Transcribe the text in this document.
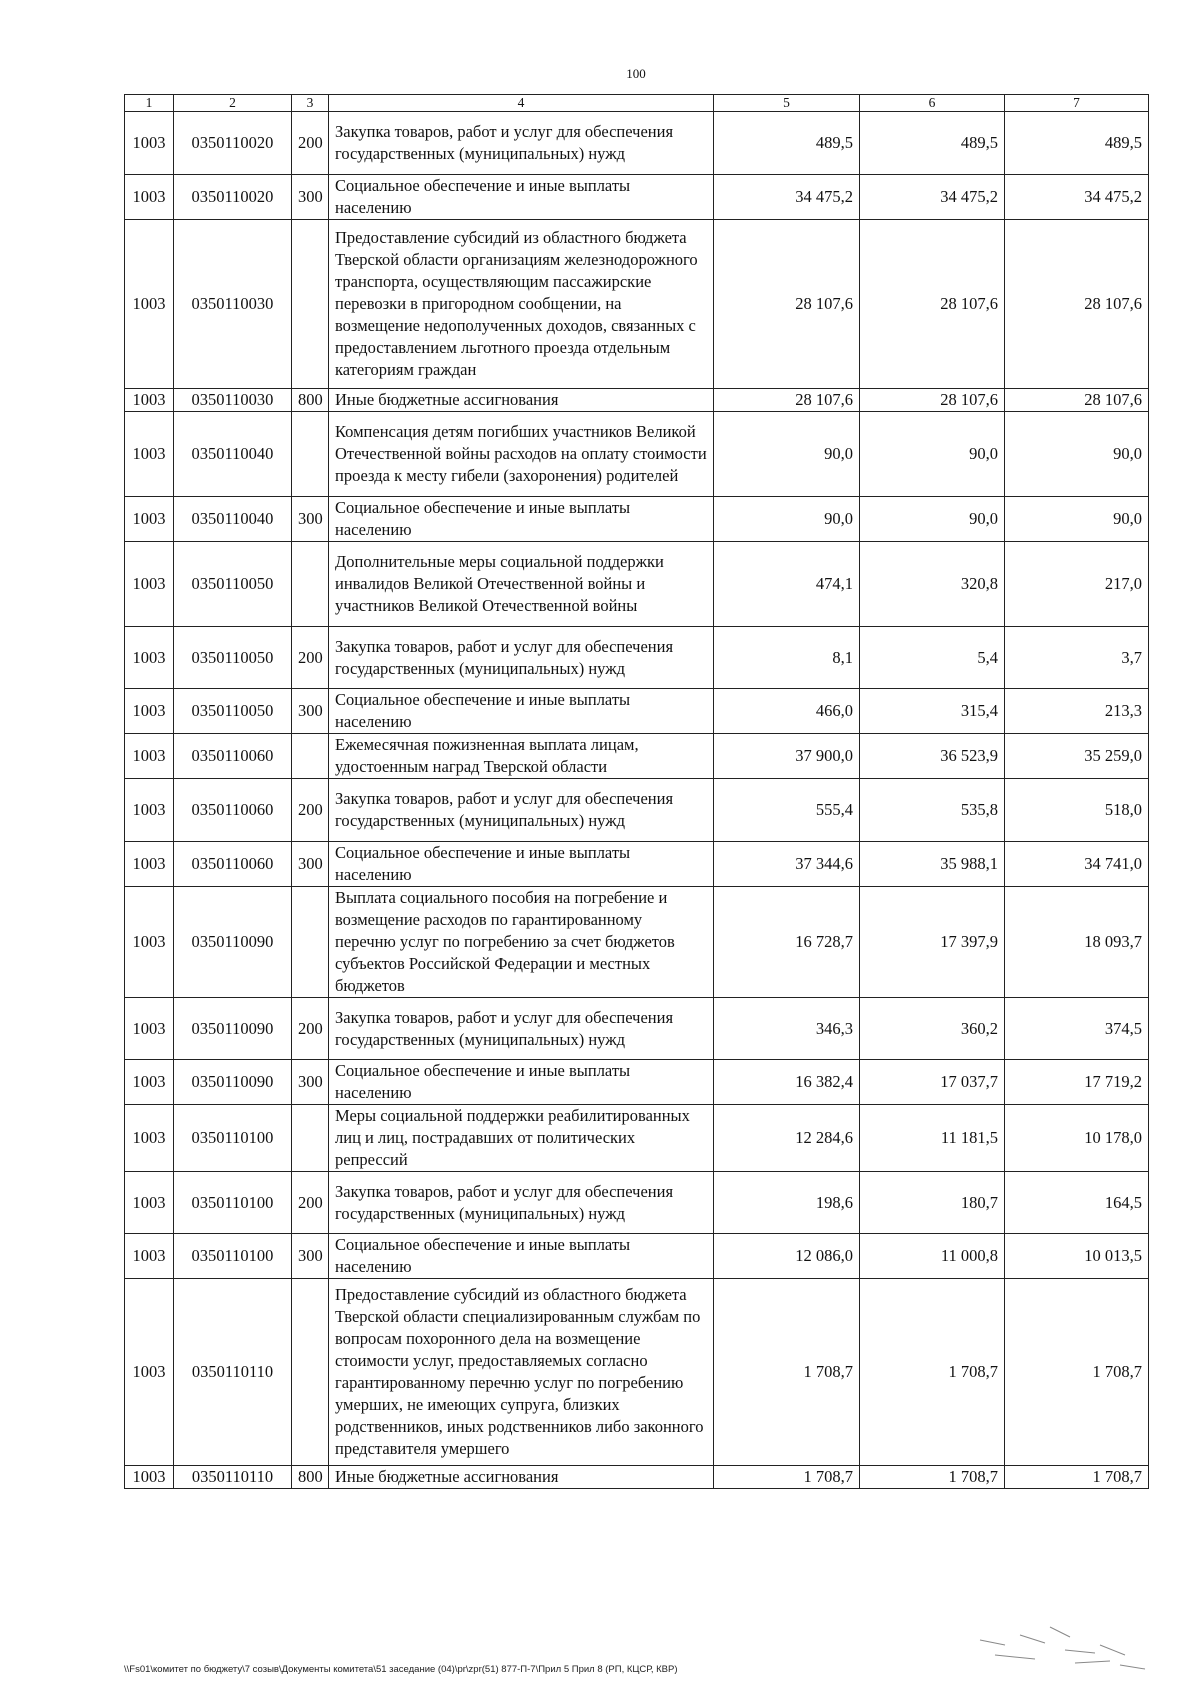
100
1	2	3	4	5	6	7
1003	0350110020	200	Закупка товаров, работ и услуг для обеспечения государственных (муниципальных) нужд	489,5	489,5	489,5
1003	0350110020	300	Социальное обеспечение и иные выплаты населению	34 475,2	34 475,2	34 475,2
1003	0350110030		Предоставление субсидий из областного бюджета Тверской области организациям железнодорожного транспорта, осуществляющим пассажирские перевозки в пригородном сообщении, на возмещение недополученных доходов, связанных с предоставлением льготного проезда отдельным категориям граждан	28 107,6	28 107,6	28 107,6
1003	0350110030	800	Иные бюджетные ассигнования	28 107,6	28 107,6	28 107,6
1003	0350110040		Компенсация детям погибших участников Великой Отечественной войны расходов на оплату стоимости проезда к месту гибели (захоронения) родителей	90,0	90,0	90,0
1003	0350110040	300	Социальное обеспечение и иные выплаты населению	90,0	90,0	90,0
1003	0350110050		Дополнительные меры социальной поддержки инвалидов Великой Отечественной войны и участников Великой Отечественной войны	474,1	320,8	217,0
1003	0350110050	200	Закупка товаров, работ и услуг для обеспечения государственных (муниципальных) нужд	8,1	5,4	3,7
1003	0350110050	300	Социальное обеспечение и иные выплаты населению	466,0	315,4	213,3
1003	0350110060		Ежемесячная пожизненная выплата лицам, удостоенным наград Тверской области	37 900,0	36 523,9	35 259,0
1003	0350110060	200	Закупка товаров, работ и услуг для обеспечения государственных (муниципальных) нужд	555,4	535,8	518,0
1003	0350110060	300	Социальное обеспечение и иные выплаты населению	37 344,6	35 988,1	34 741,0
1003	0350110090		Выплата социального пособия на погребение и возмещение расходов по гарантированному перечню услуг по погребению за счет бюджетов субъектов Российской Федерации и местных бюджетов	16 728,7	17 397,9	18 093,7
1003	0350110090	200	Закупка товаров, работ и услуг для обеспечения государственных (муниципальных) нужд	346,3	360,2	374,5
1003	0350110090	300	Социальное обеспечение и иные выплаты населению	16 382,4	17 037,7	17 719,2
1003	0350110100		Меры социальной поддержки реабилитированных лиц и лиц, пострадавших от политических репрессий	12 284,6	11 181,5	10 178,0
1003	0350110100	200	Закупка товаров, работ и услуг для обеспечения государственных (муниципальных) нужд	198,6	180,7	164,5
1003	0350110100	300	Социальное обеспечение и иные выплаты населению	12 086,0	11 000,8	10 013,5
1003	0350110110		Предоставление субсидий из областного бюджета Тверской области специализированным службам по вопросам похоронного дела на возмещение стоимости услуг, предоставляемых согласно гарантированному перечню услуг по погребению умерших, не имеющих супруга, близких родственников, иных родственников либо законного представителя умершего	1 708,7	1 708,7	1 708,7
1003	0350110110	800	Иные бюджетные ассигнования	1 708,7	1 708,7	1 708,7
\\Fs01\комитет по бюджету\7 созыв\Документы комитета\51 заседание (04)\pr\zpr(51) 877-П-7\Прил 5 Прил 8 (РП, КЦСР, КВР)
